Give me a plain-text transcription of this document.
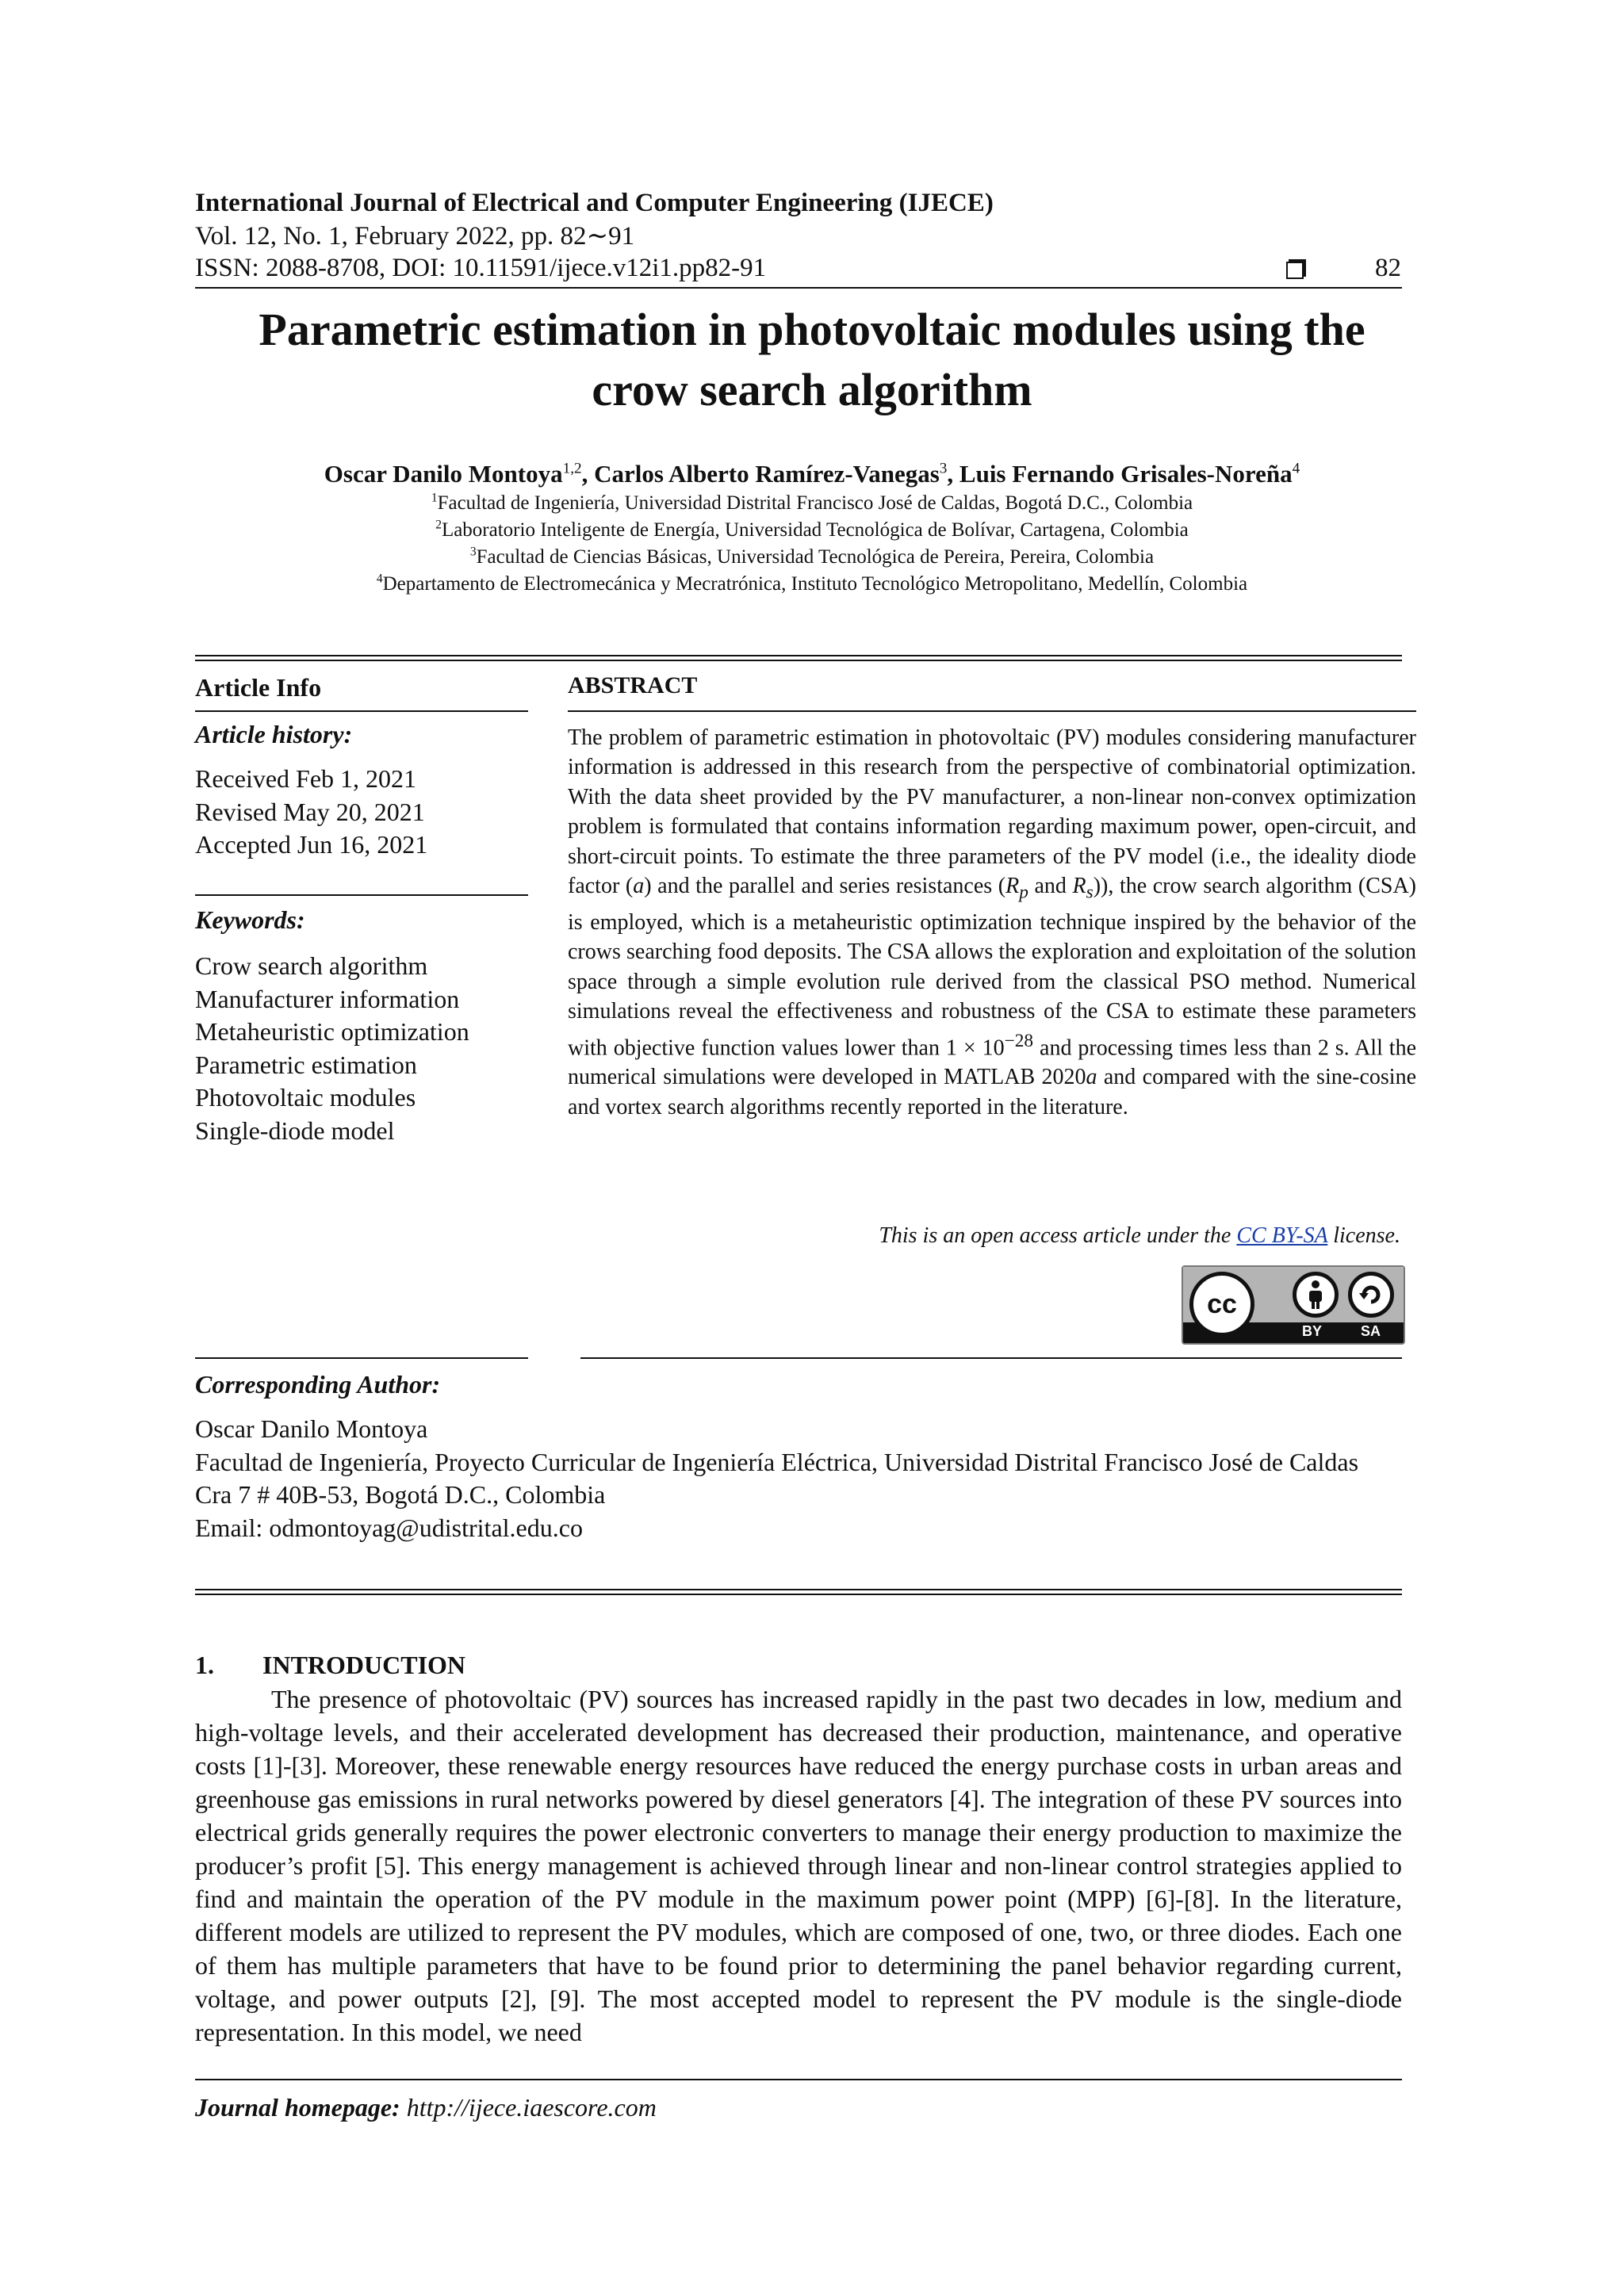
International Journal of Electrical and Computer Engineering (IJECE)
Vol. 12, No. 1, February 2022, pp. 82∼91
ISSN: 2088-8708, DOI: 10.11591/ijece.v12i1.pp82-91	82
Parametric estimation in photovoltaic modules using the
crow search algorithm
Oscar Danilo Montoya$^{1,2}$, Carlos Alberto Ramírez-Vanegas$^3$, Luis Fernando Grisales-Noreña$^4$
$^1$Facultad de Ingeniería, Universidad Distrital Francisco José de Caldas, Bogotá D.C., Colombia
$^2$Laboratorio Inteligente de Energía, Universidad Tecnológica de Bolívar, Cartagena, Colombia
$^3$Facultad de Ciencias Básicas, Universidad Tecnológica de Pereira, Pereira, Colombia
$^4$Departamento de Electromecánica y Mecratrónica, Instituto Tecnológico Metropolitano, Medellín, Colombia
Article Info
Article history:
Received Feb 1, 2021
Revised May 20, 2021
Accepted Jun 16, 2021
Keywords:
Crow search algorithm
Manufacturer information
Metaheuristic optimization
Parametric estimation
Photovoltaic modules
Single-diode model
ABSTRACT
The problem of parametric estimation in photovoltaic (PV) modules considering manufacturer information is addressed in this research from the perspective of combinatorial optimization. With the data sheet provided by the PV manufacturer, a non-linear non-convex optimization problem is formulated that contains information regarding maximum power, open-circuit, and short-circuit points. To estimate the three parameters of the PV model (i.e., the ideality diode factor (a) and the parallel and series resistances ($R_p$ and $R_s$)), the crow search algorithm (CSA) is employed, which is a metaheuristic optimization technique inspired by the behavior of the crows searching food deposits. The CSA allows the exploration and exploitation of the solution space through a simple evolution rule derived from the classical PSO method. Numerical simulations reveal the effectiveness and robustness of the CSA to estimate these parameters with objective function values lower than $1 \times 10^{-28}$ and processing times less than 2 s. All the numerical simulations were developed in MATLAB 2020a and compared with the sine-cosine and vortex search algorithms recently reported in the literature.
This is an open access article under the CC BY-SA license.
cc
BY	SA
Corresponding Author:
Oscar Danilo Montoya
Facultad de Ingeniería, Proyecto Curricular de Ingeniería Eléctrica, Universidad Distrital Francisco José de Caldas
Cra 7 # 40B-53, Bogotá D.C., Colombia
Email: odmontoyag@udistrital.edu.co
1. INTRODUCTION
The presence of photovoltaic (PV) sources has increased rapidly in the past two decades in low, medium and high-voltage levels, and their accelerated development has decreased their production, maintenance, and operative costs [1]-[3]. Moreover, these renewable energy resources have reduced the energy purchase costs in urban areas and greenhouse gas emissions in rural networks powered by diesel generators [4]. The integration of these PV sources into electrical grids generally requires the power electronic converters to manage their energy production to maximize the producer’s profit [5]. This energy management is achieved through linear and non-linear control strategies applied to find and maintain the operation of the PV module in the maximum power point (MPP) [6]-[8]. In the literature, different models are utilized to represent the PV modules, which are composed of one, two, or three diodes. Each one of them has multiple parameters that have to be found prior to determining the panel behavior regarding current, voltage, and power outputs [2], [9]. The most accepted model to represent the PV module is the single-diode representation. In this model, we need
Journal homepage: http://ijece.iaescore.com
